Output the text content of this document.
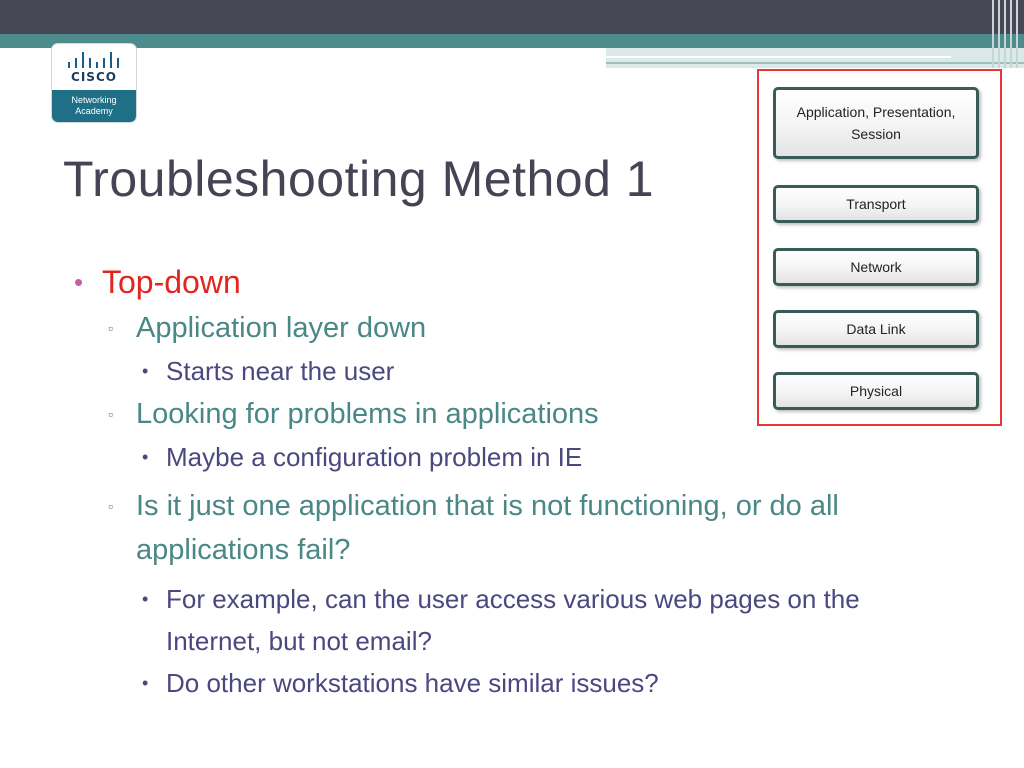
CISCO
Networking
Academy
Troubleshooting Method 1
• Top-down
▫ Application layer down
• Starts near the user
▫ Looking for problems in applications
• Maybe a configuration problem in IE
▫ Is it just one application that is not functioning, or do all applications fail?
• For example, can the user access various web pages on the Internet, but not email?
• Do other workstations have similar issues?
Application, Presentation, Session
Transport
Network
Data Link
Physical
